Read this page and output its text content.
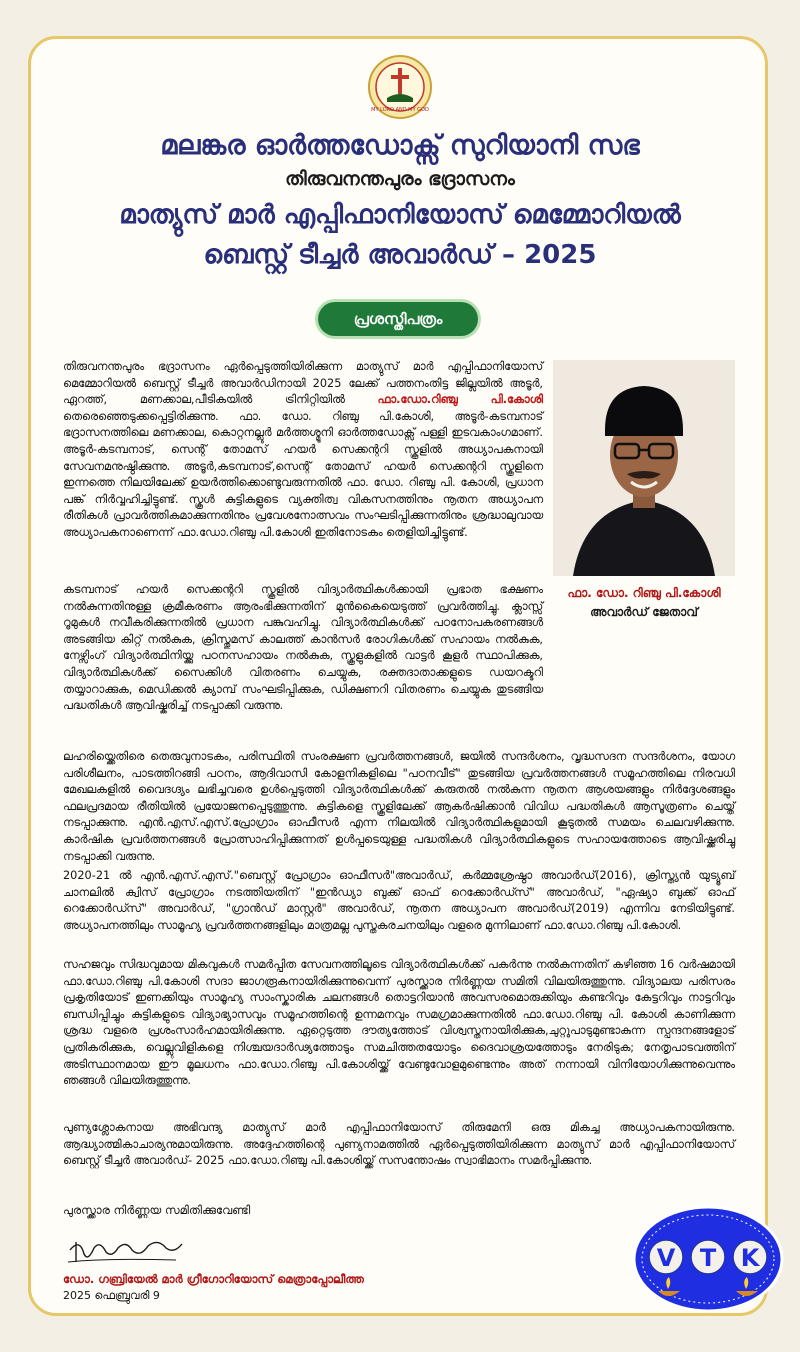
MY LORD AND MY GOD
മലങ്കര ഓർത്തഡോക്സ് സുറിയാനി സഭ
തിരുവനന്തപുരം ഭദ്രാസനം
മാത്യുസ് മാർ എപ്പിഫാനിയോസ് മെമ്മോറിയൽ
ബെസ്റ്റ് ടീച്ചർ അവാർഡ് – 2025
പ്രശസ്തിപത്രം

തിരുവനന്തപുരം ഭദ്രാസനം ഏർപ്പെടുത്തിയിരിക്കുന്ന മാത്യുസ് മാർ എപ്പിഫാനിയോസ് മെമ്മോറിയൽ ബെസ്റ്റ് ടീച്ചർ അവാർഡിനായി 2025 ലേക്ക് പത്തനംതിട്ട ജില്ലയിൽ അടൂർ, ഏറത്ത്, മണക്കാല,പീടികയിൽ ട്രിനിറ്റിയിൽ ഫാ.ഡോ.റിഞ്ചു പി.കോശി തെരെഞ്ഞെടുക്കപ്പെട്ടിരിക്കുന്നു. ഫാ. ഡോ. റിഞ്ചു പി.കോശി, അടൂർ-കടമ്പനാട് ഭദ്രാസനത്തിലെ മണക്കാല, കൊറ്റനല്ലൂർ മർത്തശ്മൂനി ഓർത്തഡോക്സ് പള്ളി ഇടവകാംഗമാണ്. അടൂർ-കടമ്പനാട്, സെന്റ് തോമസ് ഹയർ സെക്കന്ററി സ്കൂളിൽ അധ്യാപകനായി സേവനമനുഷ്ഠിക്കുന്നു. അടൂർ,കടമ്പനാട്,സെന്റ് തോമസ് ഹയർ സെക്കന്ററി സ്കൂളിനെ ഇന്നത്തെ നിലയിലേക്ക് ഉയർത്തിക്കൊണ്ടുവരുന്നതിൽ ഫാ. ഡോ. റിഞ്ചു പി. കോശി, പ്രധാന പങ്ക് നിർവ്വഹിച്ചിട്ടുണ്ട്. സ്കൂൾ കുട്ടികളുടെ വ്യക്തിത്വ വികസനത്തിനും നൂതന അധ്യാപന രീതികൾ പ്രാവർത്തികമാക്കുന്നതിനും പ്രവേശനോത്സവം സംഘടിപ്പിക്കുന്നതിനും ശ്രദ്ധാലുവായ അധ്യാപകനാണെന്ന് ഫാ.ഡോ.റിഞ്ചു പി.കോശി ഇതിനോടകം തെളിയിച്ചിട്ടുണ്ട്.

ഫാ. ഡോ. റിഞ്ചു പി.കോശി
അവാർഡ് ജേതാവ്

കടമ്പനാട് ഹയർ സെക്കന്ററി സ്കൂളിൽ വിദ്യാർത്ഥികൾക്കായി പ്രഭാത ഭക്ഷണം നൽകുന്നതിനുള്ള ക്രമീകരണം ആരംഭിക്കുന്നതിന് മുൻകൈയെടുത്ത് പ്രവർത്തിച്ചു. ക്ലാസ്സ് റൂമുകൾ നവീകരിക്കുന്നതിൽ പ്രധാന പങ്കുവഹിച്ചു. വിദ്യാർത്ഥികൾക്ക് പഠനോപകരണങ്ങൾ അടങ്ങിയ കിറ്റ് നൽകുക, ക്രിസ്തുമസ് കാലത്ത് കാൻസർ രോഗികൾക്ക് സഹായം നൽകുക, നേഴ്സിംഗ് വിദ്യാർത്ഥിനിയ്ക്കു പഠനസഹായം നൽകുക, സ്കൂളുകളിൽ വാട്ടർ കൂളർ സ്ഥാപിക്കുക, വിദ്യാർത്ഥികൾക്ക് സൈക്കിൾ വിതരണം ചെയ്യുക, രക്തദാതാക്കളുടെ ഡയറക്ടറി തയ്യാറാക്കുക, മെഡിക്കൽ ക്യാമ്പ് സംഘടിപ്പിക്കുക, ഡിക്ഷണറി വിതരണം ചെയ്യുക തുടങ്ങിയ പദ്ധതികൾ ആവിഷ്കരിച്ച് നടപ്പാക്കി വരുന്നു.

ലഹരിയ്ക്കെതിരെ തെരുവുനാടകം, പരിസ്ഥിതി സംരക്ഷണ പ്രവർത്തനങ്ങൾ, ജയിൽ സന്ദർശനം, വൃദ്ധസദന സന്ദർശനം, യോഗ പരിശീലനം, പാടത്തിറങ്ങി പഠനം, ആദിവാസി കോളനികളിലെ "പഠനവീട്" തുടങ്ങിയ പ്രവർത്തനങ്ങൾ സമൂഹത്തിലെ നിരവധി മേഖലകളിൽ വൈദഗ്ദ്യം ലഭിച്ചവരെ ഉൾപ്പെടുത്തി വിദ്യാർത്ഥികൾക്ക് കരുതൽ നൽകുന്ന നൂതന ആശയങ്ങളും നിർദ്ദേശങ്ങളും ഫലപ്രദമായ രീതിയിൽ പ്രയോജനപ്പെടുത്തുന്നു. കുട്ടികളെ സ്കൂളിലേക്ക് ആകർഷിക്കാൻ വിവിധ പദ്ധതികൾ ആസൂത്രണം ചെയ്ത് നടപ്പാക്കുന്നു. എൻ.എസ്.എസ്.പ്രോഗ്രാം ഓഫീസർ എന്ന നിലയിൽ വിദ്യാർത്ഥികളുമായി കൂടുതൽ സമയം ചെലവഴിക്കുന്നു. കാർഷിക പ്രവർത്തനങ്ങൾ പ്രോത്സാഹിപ്പിക്കുന്നത് ഉൾപ്പടെയുള്ള പദ്ധതികൾ വിദ്യാർത്ഥികളുടെ സഹായത്തോടെ ആവിഷ്ക്കരിച്ചു നടപ്പാക്കി വരുന്നു.

2020-21 ൽ എൻ.എസ്.എസ്."ബെസ്റ്റ് പ്രോഗ്രാം ഓഫീസർ"അവാർഡ്, കർമ്മശ്രേഷ്ഠാ അവാർഡ്(2016), ക്രിസ്ത്യൻ യുട്യൂബ് ചാനലിൽ ക്വിസ് പ്രോഗ്രാം നടത്തിയതിന് "ഇൻഡ്യാ ബുക്ക് ഓഫ് റെക്കോർഡ്സ്" അവാർഡ്, "ഏഷ്യാ ബുക്ക് ഓഫ് റെക്കോർഡ്സ്" അവാർഡ്, "ഗ്രാൻഡ് മാസ്റ്റർ" അവാർഡ്, നൂതന അധ്യാപന അവാർഡ്(2019) എന്നിവ നേടിയിട്ടുണ്ട്. അധ്യാപനത്തിലും സാമൂഹ്യ പ്രവർത്തനങ്ങളിലും മാത്രമല്ല പുസ്തകരചനയിലും വളരെ മുന്നിലാണ് ഫാ.ഡോ.റിഞ്ചു പി.കോശി.

സഹജവും സിദ്ധവുമായ മികവുകൾ സമർപ്പിത സേവനത്തിലൂടെ വിദ്യാർത്ഥികൾക്ക് പകർന്നു നൽകുന്നതിന് കഴിഞ്ഞ 16 വർഷമായി ഫാ.ഡോ.റിഞ്ചു പി.കോശി സദാ ജാഗരൂകനായിരിക്കുന്നുവെന്ന് പുരസ്ക്കാര നിർണ്ണയ സമിതി വിലയിരുത്തുന്നു. വിദ്യാലയ പരിസരം പ്രകൃതിയോട് ഇണക്കിയും സാമൂഹ്യ സാംസ്കാരിക ചലനങ്ങൾ തൊട്ടറിയാൻ അവസരമൊരുക്കിയും കണ്ടറിവും കേട്ടറിവും നാട്ടറിവും ബന്ധിപ്പിച്ചും കുട്ടികളുടെ വിദ്യാഭ്യാസവും സമൂഹത്തിന്റെ ഉന്നമനവും സമഗ്രമാക്കുന്നതിൽ ഫാ.ഡോ.റിഞ്ചു പി. കോശി കാണിക്കുന്ന ശ്രദ്ധ വളരെ പ്രശംസാർഹമായിരിക്കുന്നു. ഏറ്റെടുത്ത ദൗത്യത്തോട് വിശ്വസ്തനായിരിക്കുക,ചുറ്റുപാടുമുണ്ടാകുന്ന സ്പന്ദനങ്ങളോട് പ്രതികരിക്കുക, വെല്ലുവിളികളെ നിശ്ചയദാർഢ്യത്തോടും സമചിത്തതയോടും ദൈവാശ്രയത്തോടും നേരിടുക; നേതൃപാടവത്തിന് അടിസ്ഥാനമായ ഈ മൂലധനം ഫാ.ഡോ.റിഞ്ചു പി.കോശിയ്ക്ക് വേണ്ടുവോളമുണ്ടെന്നും അത് നന്നായി വിനിയോഗിക്കുന്നുവെന്നും ഞങ്ങൾ വിലയിരുത്തുന്നു.

പുണ്യശ്ലോകനായ അഭിവന്ദ്യ മാത്യുസ് മാർ എപ്പിഫാനിയോസ് തിരുമേനി ഒരു മികച്ച അധ്യാപകനായിരുന്നു. ആദ്ധ്യാത്മികാചാര്യനുമായിരുന്നു. അദ്ദേഹത്തിന്റെ പുണ്യനാമത്തിൽ ഏർപ്പെടുത്തിയിരിക്കുന്ന മാത്യുസ് മാർ എപ്പിഫാനിയോസ് ബെസ്റ്റ് ടീച്ചർ അവാർഡ്- 2025 ഫാ.ഡോ.റിഞ്ചു പി.കോശിയ്ക്ക് സസന്തോഷം സ്വാഭിമാനം സമർപ്പിക്കുന്നു.

പുരസ്ക്കാര നിർണ്ണയ സമിതിക്കുവേണ്ടി
ഡോ. ഗബ്രിയേൽ മാർ ഗ്രീഗോറിയോസ് മെത്രാപ്പോലീത്ത
2025 ഫെബ്രുവരി 9
V T K
